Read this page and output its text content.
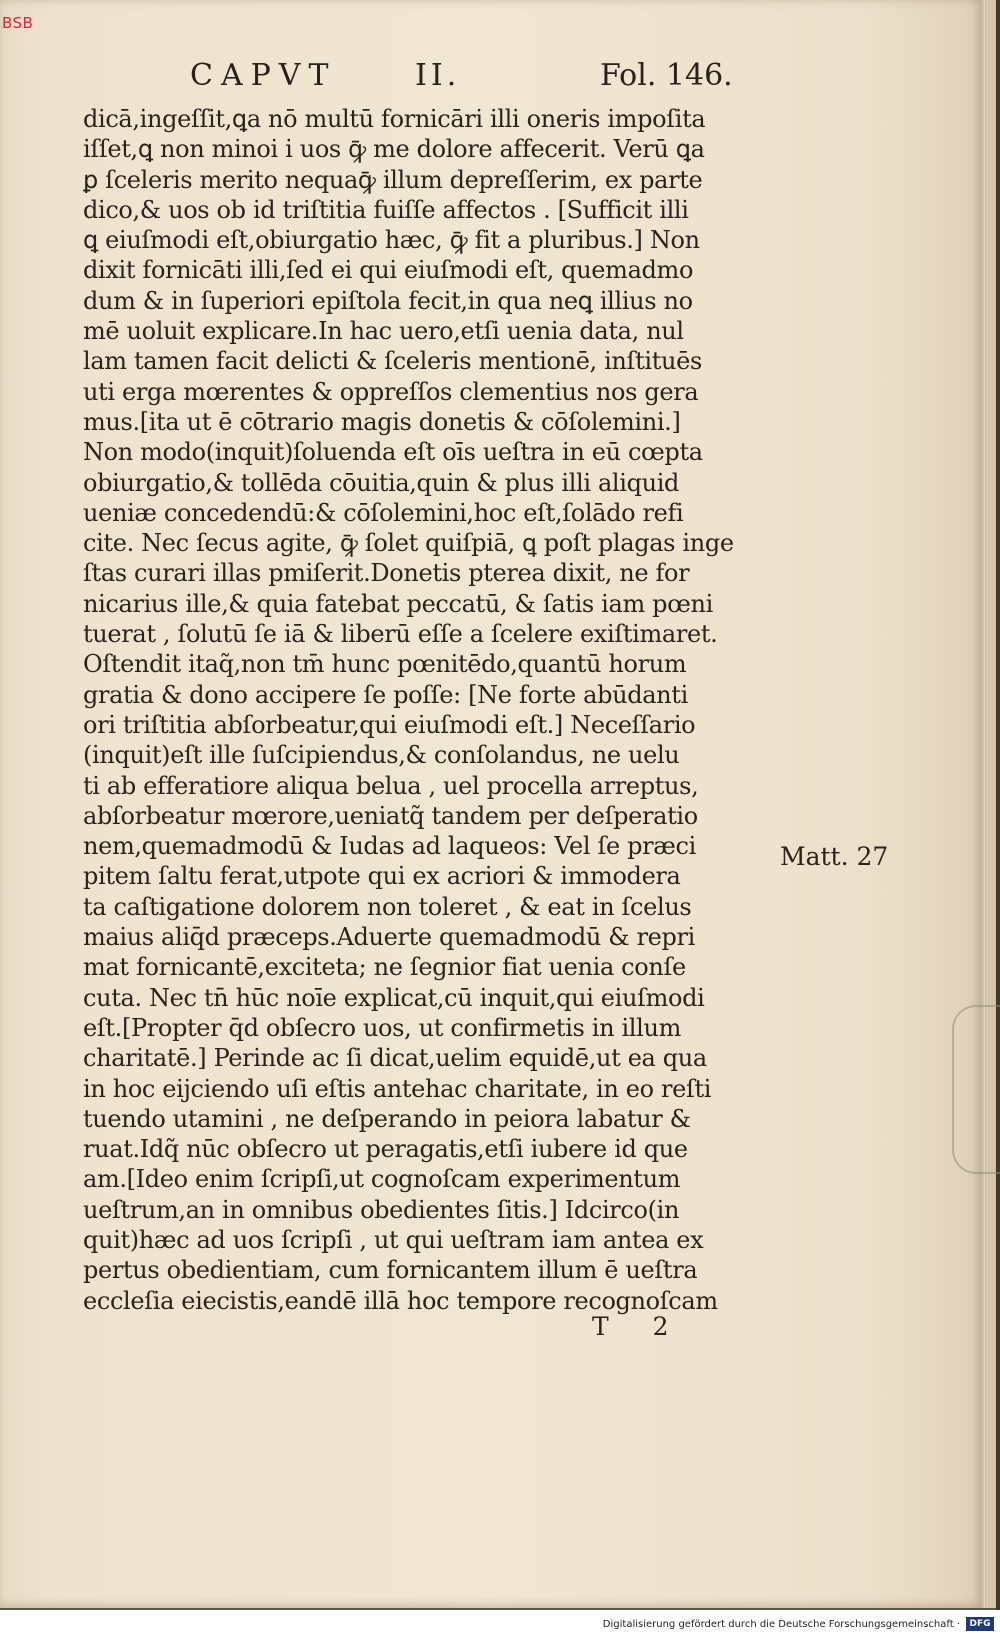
BSB
CAPVT	II.	Fol. 146.
dicā,ingeſſit,ꝗa nō multū fornicāri illi oneris impoſita
iſſet,ꝗ non minoi i uos ꝙ̄ me dolore affecerit. Verū ꝗa
ꝑ ſceleris merito nequaꝙ̄ illum depreſſerim, ex parte
dico,& uos ob id triſtitia fuiſſe affectos . [Sufficit illi
ꝗ eiuſmodi eſt,obiurgatio hæc, ꝙ̄ fit a pluribus.] Non
dixit fornicāti illi,ſed ei qui eiuſmodi eſt, quemadmo
dum & in ſuperiori epiſtola fecit,in qua neꝗ illius no
mē uoluit explicare.In hac uero,etſi uenia data, nul
lam tamen facit delicti & ſceleris mentionē, inſtituēs
uti erga mœrentes & oppreſſos clementius nos gera
mus.[ita ut ē cōtrario magis donetis & cōſolemini.]
Non modo(inquit)ſoluenda eſt oīs ueſtra in eū cœpta
obiurgatio,& tollēda cōuitia,quin & plus illi aliquid
ueniæ concedendū:& cōſolemini,hoc eſt,ſolādo refi
cite. Nec ſecus agite, ꝙ̄ ſolet quiſpiā, ꝗ poſt plagas inge
ſtas curari illas pmiſerit.Donetis pterea dixit, ne for
nicarius ille,& quia fatebat peccatū, & ſatis iam pœni
tuerat , ſolutū ſe iā & liberū eſſe a ſcelere exiſtimaret.
Oſtendit itaq̃,non tm̄ hunc pœnitēdo,quantū horum
gratia & dono accipere ſe poſſe: [Ne forte abūdanti
ori triſtitia abſorbeatur,qui eiuſmodi eſt.] Neceſſario
(inquit)eſt ille ſuſcipiendus,& conſolandus, ne uelu
ti ab efferatiore aliqua belua , uel procella arreptus,
abſorbeatur mœrore,ueniatq̃ tandem per deſperatio
nem,quemadmodū & Iudas ad laqueos: Vel ſe præci
pitem ſaltu ferat,utpote qui ex acriori & immodera
ta caſtigatione dolorem non toleret , & eat in ſcelus
maius aliq̄d præceps.Aduerte quemadmodū & repri
mat fornicantē,exciteta; ne ſegnior fiat uenia conſe
cuta. Nec tn̄ hūc noīe explicat,cū inquit,qui eiuſmodi
eſt.[Propter q̄d obſecro uos, ut confirmetis in illum
charitatē.] Perinde ac ſi dicat,uelim equidē,ut ea qua
in hoc eijciendo uſi eſtis antehac charitate, in eo reſti
tuendo utamini , ne deſperando in peiora labatur &
ruat.Idq̃ nūc obſecro ut peragatis,etſi iubere id que
am.[Ideo enim ſcripſi,ut cognoſcam experimentum
ueſtrum,an in omnibus obedientes ſitis.] Idcirco(in
quit)hæc ad uos ſcripſi , ut qui ueſtram iam antea ex
pertus obedientiam, cum fornicantem illum ē ueſtra
eccleſia eiecistis,eandē illā hoc tempore recognoſcam
Matt. 27
T 2
Digitalisierung gefördert durch die Deutsche Forschungsgemeinschaft ·	DFG
